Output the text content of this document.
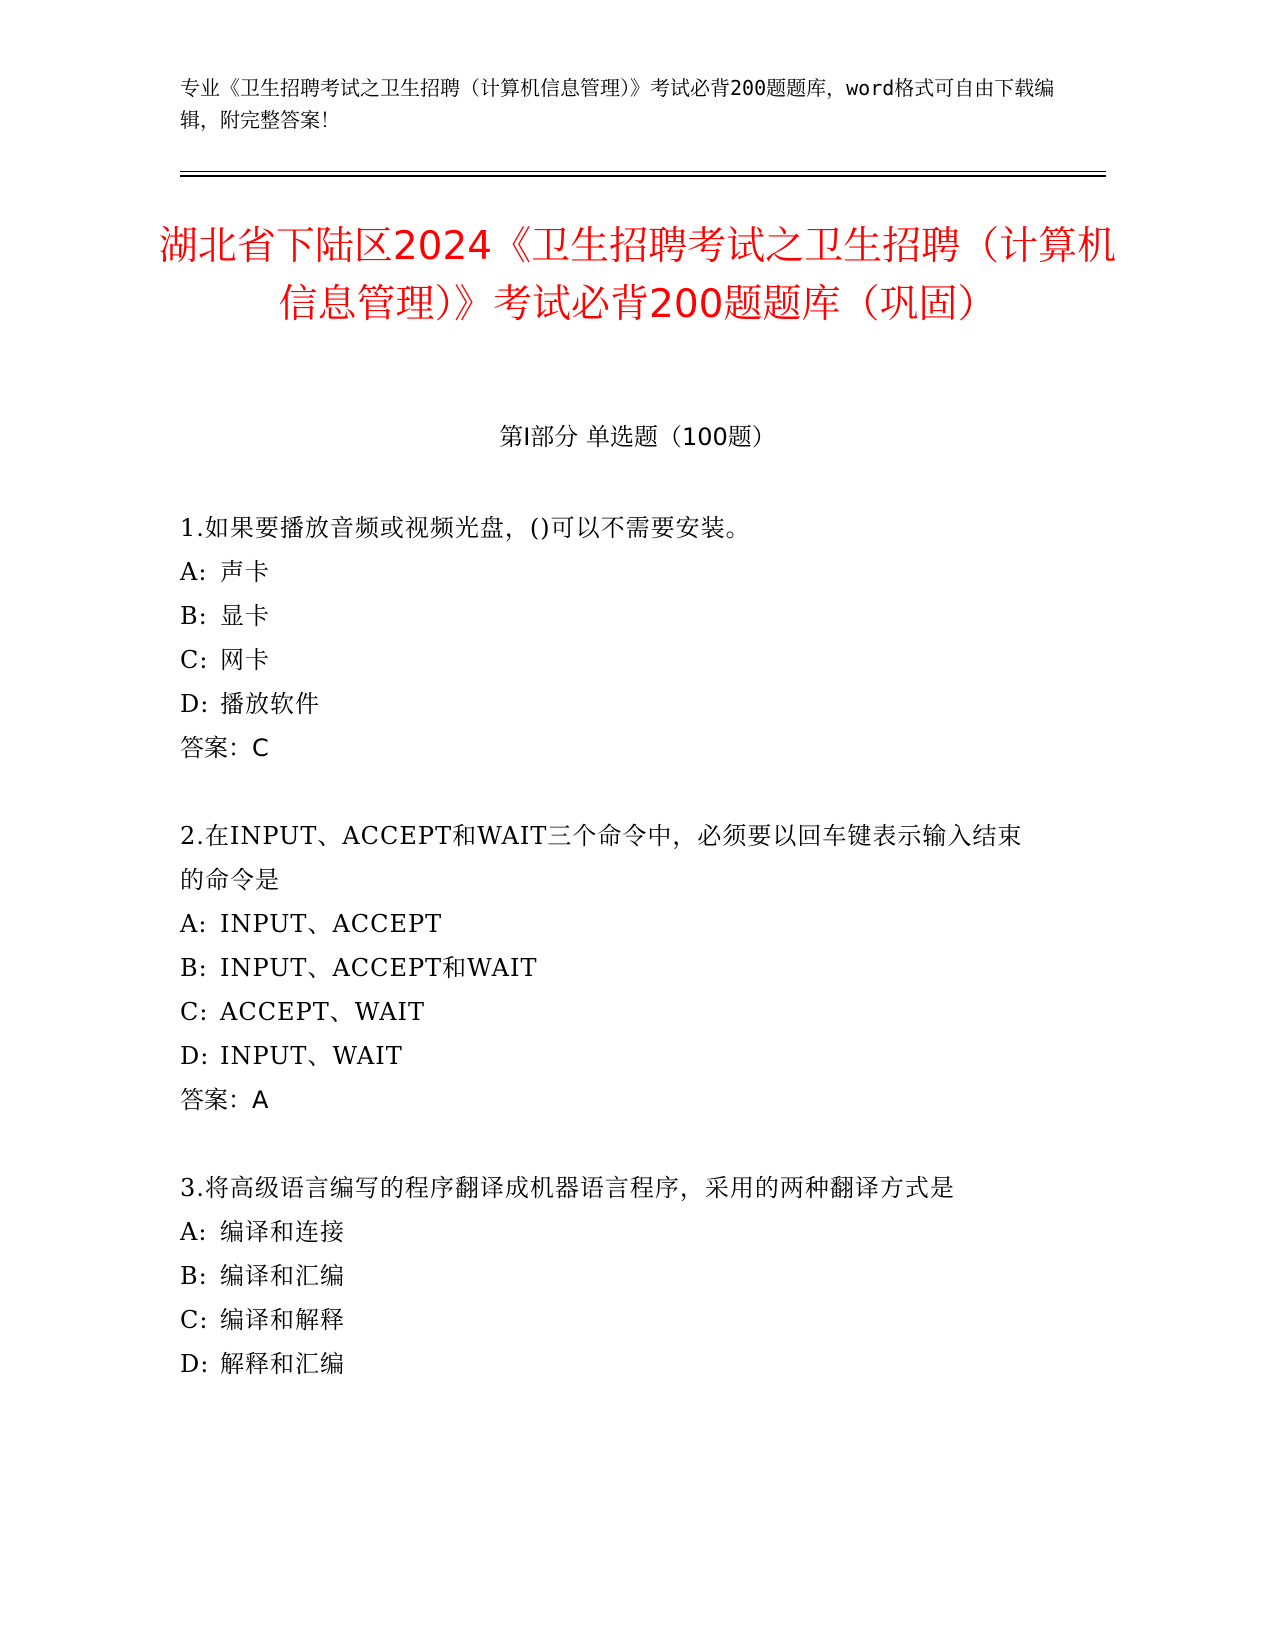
专业《卫生招聘考试之卫生招聘（计算机信息管理）》考试必背200题题库，word格式可自由下载编辑，附完整答案！
湖北省下陆区2024《卫生招聘考试之卫生招聘（计算机信息管理）》考试必背200题题库（巩固）
第I部分 单选题（100题）

1.如果要播放音频或视频光盘，()可以不需要安装。

A: 声卡

B: 显卡

C: 网卡

D: 播放软件

答案：C

2.在INPUT、ACCEPT和WAIT三个命令中，必须要以回车键表示输入结束的命令是

A: INPUT、ACCEPT

B: INPUT、ACCEPT和WAIT

C: ACCEPT、WAIT

D: INPUT、WAIT

答案：A

3.将高级语言编写的程序翻译成机器语言程序，采用的两种翻译方式是

A: 编译和连接

B: 编译和汇编

C: 编译和解释

D: 解释和汇编
